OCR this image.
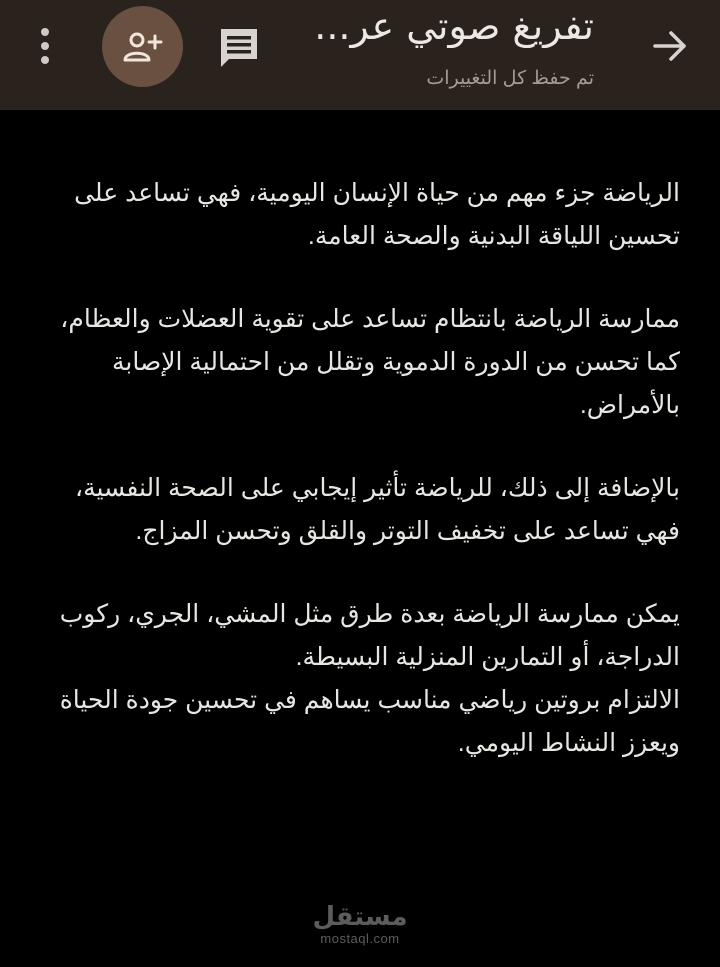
تفريغ صوتي عر...
تم حفظ كل التغييرات

الرياضة جزء مهم من حياة الإنسان اليومية، فهي تساعد على تحسين اللياقة البدنية والصحة العامة.

ممارسة الرياضة بانتظام تساعد على تقوية العضلات والعظام، كما تحسن من الدورة الدموية وتقلل من احتمالية الإصابة بالأمراض.

بالإضافة إلى ذلك، للرياضة تأثير إيجابي على الصحة النفسية، فهي تساعد على تخفيف التوتر والقلق وتحسن المزاج.

يمكن ممارسة الرياضة بعدة طرق مثل المشي، الجري، ركوب الدراجة، أو التمارين المنزلية البسيطة.

الالتزام بروتين رياضي مناسب يساهم في تحسين جودة الحياة ويعزز النشاط اليومي.

مستقل
mostaql.com
